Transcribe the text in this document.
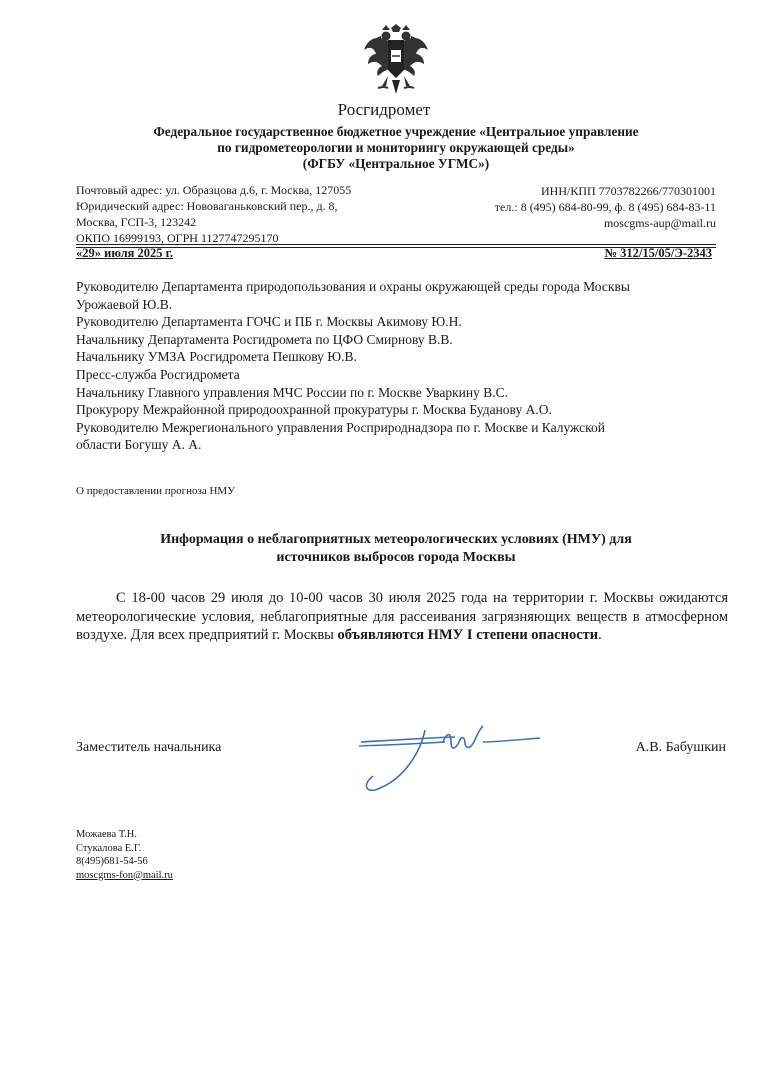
Росгидромет
Федеральное государственное бюджетное учреждение «Центральное управление
по гидрометеорологии и мониторингу окружающей среды»
(ФГБУ «Центральное УГМС»)
Почтовый адрес: ул. Образцова д.6, г. Москва, 127055
Юридический адрес: Нововаганьковский пер., д. 8,
Москва, ГСП-3, 123242
ОКПО 16999193, ОГРН 1127747295170
ИНН/КПП 7703782266/770301001
тел.: 8 (495) 684-80-99, ф. 8 (495) 684-83-11
moscgms-aup@mail.ru
«29» июля 2025 г.	№ 312/15/05/Э-2343
Руководителю Департамента природопользования и охраны окружающей среды города Москвы
Урожаевой Ю.В.
Руководителю Департамента ГОЧС и ПБ г. Москвы Акимову Ю.Н.
Начальнику Департамента Росгидромета по ЦФО Смирнову В.В.
Начальнику УМЗА Росгидромета Пешкову Ю.В.
Пресс-служба Росгидромета
Начальнику Главного управления МЧС России по г. Москве Уваркину В.С.
Прокурору Межрайонной природоохранной прокуратуры г. Москва Буданову А.О.
Руководителю Межрегионального управления Росприроднадзора по г. Москве и Калужской
области Богушу А. А.
О предоставлении прогноза НМУ
Информация о неблагоприятных метеорологических условиях (НМУ) для
источников выбросов города Москвы
С 18-00 часов 29 июля до 10-00 часов 30 июля 2025 года на территории г. Москвы ожидаются метеорологические условия, неблагоприятные для рассеивания загрязняющих веществ в атмосферном воздухе. Для всех предприятий г. Москвы объявляются НМУ I степени опасности.
Заместитель начальника	А.В. Бабушкин
Можаева Т.Н.
Стукалова Е.Г.
8(495)681-54-56
moscgms-fon@mail.ru
